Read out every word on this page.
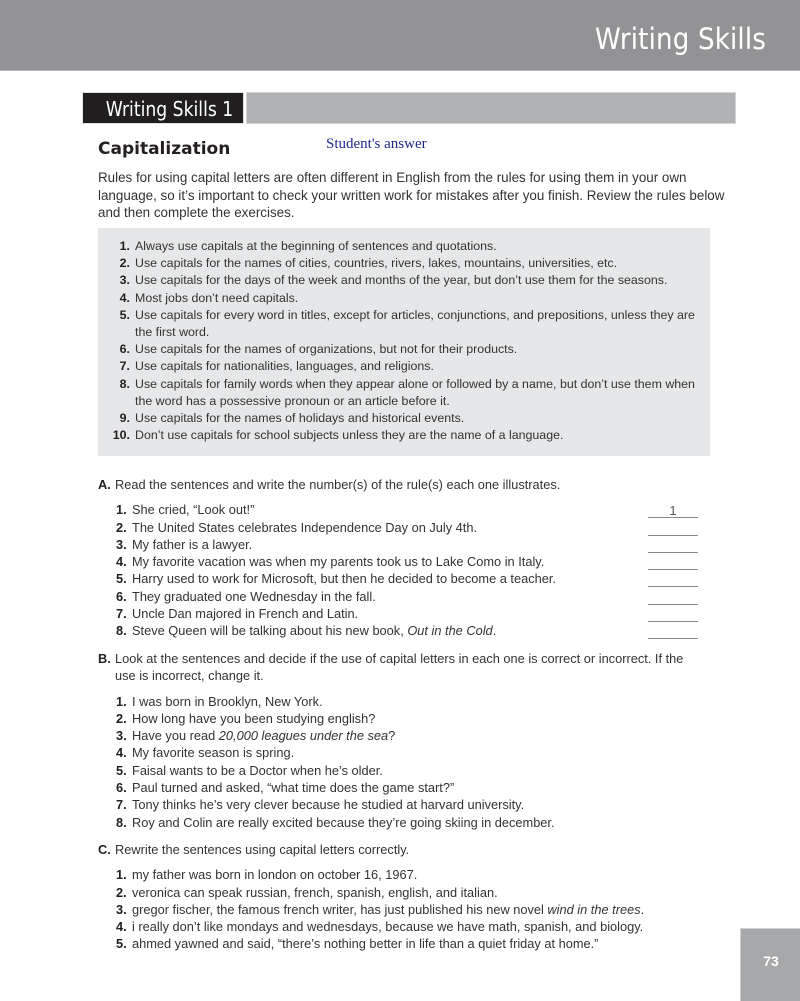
Writing Skills
Writing Skills 1
Capitalization	Student's answer
Rules for using capital letters are often different in English from the rules for using them in your own language, so it’s important to check your written work for mistakes after you finish. Review the rules below and then complete the exercises.
1. Always use capitals at the beginning of sentences and quotations.
2. Use capitals for the names of cities, countries, rivers, lakes, mountains, universities, etc.
3. Use capitals for the days of the week and months of the year, but don’t use them for the seasons.
4. Most jobs don’t need capitals.
5. Use capitals for every word in titles, except for articles, conjunctions, and prepositions, unless they are the first word.
6. Use capitals for the names of organizations, but not for their products.
7. Use capitals for nationalities, languages, and religions.
8. Use capitals for family words when they appear alone or followed by a name, but don’t use them when the word has a possessive pronoun or an article before it.
9. Use capitals for the names of holidays and historical events.
10. Don’t use capitals for school subjects unless they are the name of a language.
A. Read the sentences and write the number(s) of the rule(s) each one illustrates.
1. She cried, “Look out!”	1
2. The United States celebrates Independence Day on July 4th.
3. My father is a lawyer.
4. My favorite vacation was when my parents took us to Lake Como in Italy.
5. Harry used to work for Microsoft, but then he decided to become a teacher.
6. They graduated one Wednesday in the fall.
7. Uncle Dan majored in French and Latin.
8. Steve Queen will be talking about his new book, Out in the Cold.
B. Look at the sentences and decide if the use of capital letters in each one is correct or incorrect. If the use is incorrect, change it.
1. I was born in Brooklyn, New York.
2. How long have you been studying english?
3. Have you read 20,000 leagues under the sea?
4. My favorite season is spring.
5. Faisal wants to be a Doctor when he’s older.
6. Paul turned and asked, “what time does the game start?”
7. Tony thinks he’s very clever because he studied at harvard university.
8. Roy and Colin are really excited because they’re going skiing in december.
C. Rewrite the sentences using capital letters correctly.
1. my father was born in london on october 16, 1967.
2. veronica can speak russian, french, spanish, english, and italian.
3. gregor fischer, the famous french writer, has just published his new novel wind in the trees.
4. i really don’t like mondays and wednesdays, because we have math, spanish, and biology.
5. ahmed yawned and said, “there’s nothing better in life than a quiet friday at home.”
73
